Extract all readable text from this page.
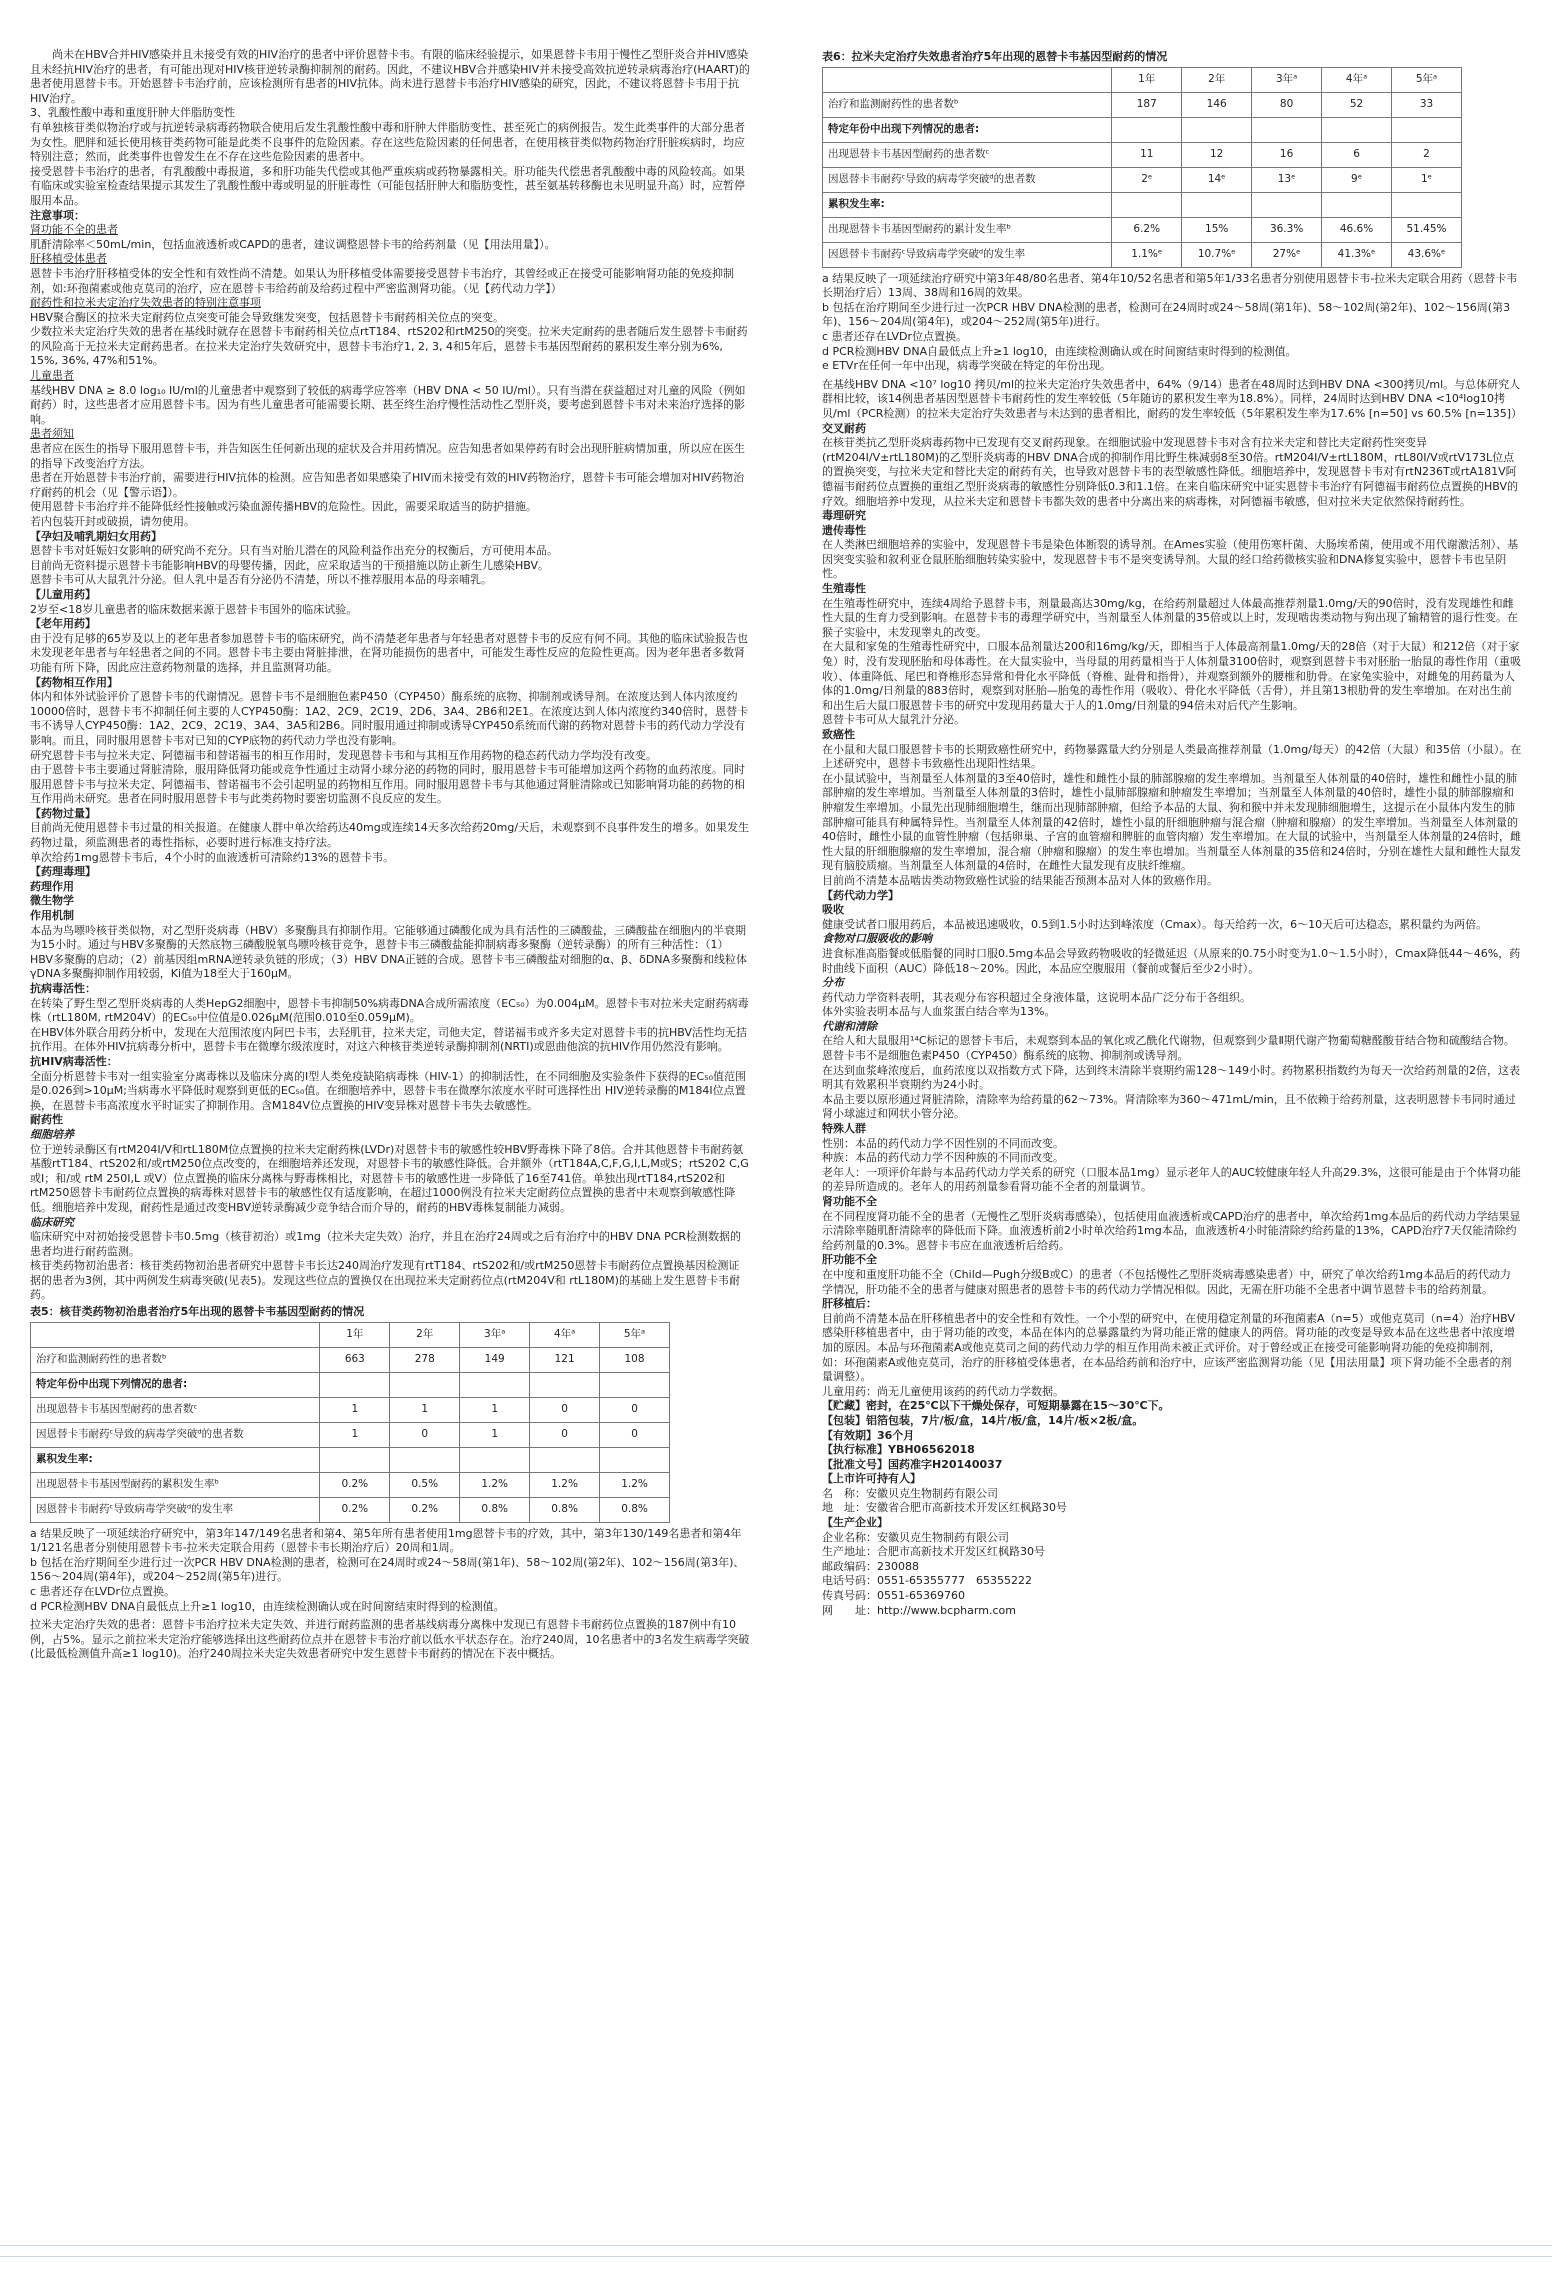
　　尚未在HBV合并HIV感染并且未接受有效的HIV治疗的患者中评价恩替卡韦。有限的临床经验提示，如果恩替卡韦用于慢性乙型肝炎合并HIV感染且未经抗HIV治疗的患者，有可能出现对HIV核苷逆转录酶抑制剂的耐药。因此，不建议HBV合并感染HIV并未接受高效抗逆转录病毒治疗(HAART)的患者使用恩替卡韦。开始恩替卡韦治疗前，应该检测所有患者的HIV抗体。尚未进行恩替卡韦治疗HIV感染的研究，因此，不建议将恩替卡韦用于抗HIV治疗。

3、乳酸性酸中毒和重度肝肿大伴脂肪变性

有单独核苷类似物治疗或与抗逆转录病毒药物联合使用后发生乳酸性酸中毒和肝肿大伴脂肪变性、甚至死亡的病例报告。发生此类事件的大部分患者为女性。肥胖和延长使用核苷类药物可能是此类不良事件的危险因素。存在这些危险因素的任何患者，在使用核苷类似物药物治疗肝脏疾病时，均应特别注意；然而，此类事件也曾发生在不存在这些危险因素的患者中。

接受恩替卡韦治疗的患者，有乳酸酸中毒报道，多和肝功能失代偿或其他严重疾病或药物暴露相关。肝功能失代偿患者乳酸酸中毒的风险较高。如果有临床或实验室检查结果提示其发生了乳酸性酸中毒或明显的肝脏毒性（可能包括肝肿大和脂肪变性，甚至氨基转移酶也未见明显升高）时，应暂停服用本品。

注意事项：

肾功能不全的患者

肌酐清除率＜50mL/min，包括血液透析或CAPD的患者，建议调整恩替卡韦的给药剂量（见【用法用量】）。

肝移植受体患者

恩替卡韦治疗肝移植受体的安全性和有效性尚不清楚。如果认为肝移植受体需要接受恩替卡韦治疗，其曾经或正在接受可能影响肾功能的免疫抑制剂，如:环孢菌素或他克莫司的治疗，应在恩替卡韦给药前及给药过程中严密监测肾功能。（见【药代动力学】）

耐药性和拉米夫定治疗失效患者的特别注意事项

HBV聚合酶区的拉米夫定耐药位点突变可能会导致继发突变，包括恩替卡韦耐药相关位点的突变。

少数拉米夫定治疗失效的患者在基线时就存在恩替卡韦耐药相关位点rtT184、rtS202和rtM250的突变。拉米夫定耐药的患者随后发生恩替卡韦耐药的风险高于无拉米夫定耐药患者。在拉米夫定治疗失效研究中，恩替卡韦治疗1, 2, 3, 4和5年后，恩替卡韦基因型耐药的累积发生率分别为6%, 15%, 36%, 47%和51%。

儿童患者

基线HBV DNA ≥ 8.0 log₁₀ IU/ml的儿童患者中观察到了较低的病毒学应答率（HBV DNA < 50 IU/ml）。只有当潜在获益超过对儿童的风险（例如耐药）时，这些患者才应用恩替卡韦。因为有些儿童患者可能需要长期、甚至终生治疗慢性活动性乙型肝炎，要考虑到恩替卡韦对未来治疗选择的影响。

患者须知

患者应在医生的指导下服用恩替卡韦，并告知医生任何新出现的症状及合并用药情况。应告知患者如果停药有时会出现肝脏病情加重，所以应在医生的指导下改变治疗方法。

患者在开始恩替卡韦治疗前，需要进行HIV抗体的检测。应告知患者如果感染了HIV而未接受有效的HIV药物治疗，恩替卡韦可能会增加对HIV药物治疗耐药的机会（见【警示语】）。

使用恩替卡韦治疗并不能降低经性接触或污染血源传播HBV的危险性。因此，需要采取适当的防护措施。

若内包装开封或破损，请勿使用。

【孕妇及哺乳期妇女用药】

恩替卡韦对妊娠妇女影响的研究尚不充分。只有当对胎儿潜在的风险利益作出充分的权衡后，方可使用本品。

目前尚无资料提示恩替卡韦能影响HBV的母婴传播，因此，应采取适当的干预措施以防止新生儿感染HBV。

恩替卡韦可从大鼠乳汁分泌。但人乳中是否有分泌仍不清楚，所以不推荐服用本品的母亲哺乳。

【儿童用药】

2岁至<18岁儿童患者的临床数据来源于恩替卡韦国外的临床试验。

【老年用药】

由于没有足够的65岁及以上的老年患者参加恩替卡韦的临床研究，尚不清楚老年患者与年轻患者对恩替卡韦的反应有何不同。其他的临床试验报告也未发现老年患者与年轻患者之间的不同。恩替卡韦主要由肾脏排泄，在肾功能损伤的患者中，可能发生毒性反应的危险性更高。因为老年患者多数肾功能有所下降，因此应注意药物剂量的选择，并且监测肾功能。

【药物相互作用】

体内和体外试验评价了恩替卡韦的代谢情况。恩替卡韦不是细胞色素P450（CYP450）酶系统的底物、抑制剂或诱导剂。在浓度达到人体内浓度约10000倍时，恩替卡韦不抑制任何主要的人CYP450酶：1A2、2C9、2C19、2D6、3A4、2B6和2E1。在浓度达到人体内浓度约340倍时，恩替卡韦不诱导人CYP450酶：1A2、2C9、2C19、3A4、3A5和2B6。同时服用通过抑制或诱导CYP450系统而代谢的药物对恩替卡韦的药代动力学没有影响。而且，同时服用恩替卡韦对已知的CYP底物的药代动力学也没有影响。

研究恩替卡韦与拉米夫定、阿德福韦和替诺福韦的相互作用时，发现恩替卡韦和与其相互作用药物的稳态药代动力学均没有改变。

由于恩替卡韦主要通过肾脏清除，服用降低肾功能或竞争性通过主动肾小球分泌的药物的同时，服用恩替卡韦可能增加这两个药物的血药浓度。同时服用恩替卡韦与拉米夫定、阿德福韦、替诺福韦不会引起明显的药物相互作用。同时服用恩替卡韦与其他通过肾脏清除或已知影响肾功能的药物的相互作用尚未研究。患者在同时服用恩替卡韦与此类药物时要密切监测不良反应的发生。

【药物过量】

目前尚无使用恩替卡韦过量的相关报道。在健康人群中单次给药达40mg或连续14天多次给药20mg/天后，未观察到不良事件发生的增多。如果发生药物过量，须监测患者的毒性指标，必要时进行标准支持疗法。

单次给药1mg恩替卡韦后，4个小时的血液透析可清除约13%的恩替卡韦。

【药理毒理】

药理作用

微生物学

作用机制

本品为鸟嘌呤核苷类似物，对乙型肝炎病毒（HBV）多聚酶具有抑制作用。它能够通过磷酸化成为具有活性的三磷酸盐，三磷酸盐在细胞内的半衰期为15小时。通过与HBV多聚酶的天然底物三磷酸脱氧鸟嘌呤核苷竞争，恩替卡韦三磷酸盐能抑制病毒多聚酶（逆转录酶）的所有三种活性：（1）HBV多聚酶的启动；（2）前基因组mRNA逆转录负链的形成；（3）HBV DNA正链的合成。恩替卡韦三磷酸盐对细胞的α、β、δDNA多聚酶和线粒体γDNA多聚酶抑制作用较弱，Ki值为18至大于160μM。

抗病毒活性：

在转染了野生型乙型肝炎病毒的人类HepG2细胞中，恩替卡韦抑制50%病毒DNA合成所需浓度（EC₅₀）为0.004μM。恩替卡韦对拉米夫定耐药病毒株（rtL180M, rtM204V）的EC₅₀中位值是0.026μM(范围0.010至0.059μM)。

在HBV体外联合用药分析中，发现在大范围浓度内阿巴卡韦，去羟肌苷，拉米夫定，司他夫定，替诺福韦或齐多夫定对恩替卡韦的抗HBV活性均无拮抗作用。在体外HIV抗病毒分析中，恩替卡韦在微摩尔级浓度时，对这六种核苷类逆转录酶抑制剂(NRTI)或恩曲他滨的抗HIV作用仍然没有影响。

抗HIV病毒活性：

全面分析恩替卡韦对一组实验室分离毒株以及临床分离的I型人类免疫缺陷病毒株（HIV-1）的抑制活性，在不同细胞及实验条件下获得的EC₅₀值范围是0.026到>10μM;当病毒水平降低时观察到更低的EC₅₀值。在细胞培养中，恩替卡韦在微摩尔浓度水平时可选择性出 HIV逆转录酶的M184I位点置换，在恩替卡韦高浓度水平时证实了抑制作用。含M184V位点置换的HIV变异株对恩替卡韦失去敏感性。

耐药性

细胞培养

位于逆转录酶区有rtM204I/V和rtL180M位点置换的拉米夫定耐药株(LVDr)对恩替卡韦的敏感性较HBV野毒株下降了8倍。合并其他恩替卡韦耐药氨基酸rtT184、rtS202和/或rtM250位点改变的，在细胞培养还发现，对恩替卡韦的敏感性降低。合并额外（rtT184A,C,F,G,I,L,M或S；rtS202 C,G或I；和/或 rtM 250I,L 或V）位点置换的临床分离株与野毒株相比，对恩替卡韦的敏感性进一步降低了16至741倍。单独出现rtT184,rtS202和rtM250恩替卡韦耐药位点置换的病毒株对恩替卡韦的敏感性仅有适度影响，在超过1000例没有拉米夫定耐药位点置换的患者中未观察到敏感性降低。细胞培养中发现，耐药性是通过改变HBV逆转录酶减少竞争结合而介导的，耐药的HBV毒株复制能力减弱。

临床研究

临床研究中对初始接受恩替卡韦0.5mg（核苷初治）或1mg（拉米夫定失效）治疗，并且在治疗24周或之后有治疗中的HBV DNA PCR检测数据的患者均进行耐药监测。

核苷类药物初治患者：核苷类药物初治患者研究中恩替卡韦长达240周治疗发现有rtT184、rtS202和/或rtM250恩替卡韦耐药位点置换基因检测证据的患者为3例，其中两例发生病毒突破(见表5)。发现这些位点的置换仅在出现拉米夫定耐药位点(rtM204V和 rtL180M)的基础上发生恩替卡韦耐药。

表5：核苷类药物初治患者治疗5年出现的恩替卡韦基因型耐药的情况
	1年	2年	3年ᵃ	4年ᵃ	5年ᵃ
治疗和监测耐药性的患者数ᵇ	663	278	149	121	108
特定年份中出现下列情况的患者:					
出现恩替卡韦基因型耐药的患者数ᶜ	1	1	1	0	0
因恩替卡韦耐药ᶜ导致的病毒学突破ᵈ的患者数	1	0	1	0	0
累积发生率:					
出现恩替卡韦基因型耐药的累积发生率ᵇ	0.2%	0.5%	1.2%	1.2%	1.2%
因恩替卡韦耐药ᶜ导致病毒学突破ᵈ的发生率	0.2%	0.2%	0.8%	0.8%	0.8%

a 结果反映了一项延续治疗研究中，第3年147/149名患者和第4、第5年所有患者使用1mg恩替卡韦的疗效，其中，第3年130/149名患者和第4年1/121名患者分别使用恩替卡韦-拉米夫定联合用药（恩替卡韦长期治疗后）20周和1周。

b 包括在治疗期间至少进行过一次PCR HBV DNA检测的患者，检测可在24周时或24～58周(第1年)、58～102周(第2年)、102～156周(第3年)、156～204周(第4年)，或204～252周(第5年)进行。

c 患者还存在LVDr位点置换。

d PCR检测HBV DNA自最低点上升≥1 log10，由连续检测确认或在时间窗结束时得到的检测值。

拉米夫定治疗失效的患者：恩替卡韦治疗拉米夫定失效、并进行耐药监测的患者基线病毒分离株中发现已有恩替卡韦耐药位点置换的187例中有10例，占5%。显示之前拉米夫定治疗能够选择出这些耐药位点并在恩替卡韦治疗前以低水平状态存在。治疗240周，10名患者中的3名发生病毒学突破(比最低检测值升高≥1 log10)。治疗240周拉米夫定失效患者研究中发生恩替卡韦耐药的情况在下表中概括。

表6：拉米夫定治疗失效患者治疗5年出现的恩替卡韦基因型耐药的情况
	1年	2年	3年ᵃ	4年ᵃ	5年ᵃ
治疗和监测耐药性的患者数ᵇ	187	146	80	52	33
特定年份中出现下列情况的患者:					
出现恩替卡韦基因型耐药的患者数ᶜ	11	12	16	6	2
因恩替卡韦耐药ᶜ导致的病毒学突破ᵈ的患者数	2ᵉ	14ᵉ	13ᵉ	9ᵉ	1ᵉ
累积发生率:					
出现恩替卡韦基因型耐药的累计发生率ᵇ	6.2%	15%	36.3%	46.6%	51.45%
因恩替卡韦耐药ᶜ导致病毒学突破ᵈ的发生率	1.1%ᵉ	10.7%ᵉ	27%ᵉ	41.3%ᵉ	43.6%ᵉ

a 结果反映了一项延续治疗研究中第3年48/80名患者、第4年10/52名患者和第5年1/33名患者分别使用恩替卡韦-拉米夫定联合用药（恩替卡韦长期治疗后）13周、38周和16周的效果。

b 包括在治疗期间至少进行过一次PCR HBV DNA检测的患者，检测可在24周时或24～58周(第1年)、58～102周(第2年)、102～156周(第3年)、156～204周(第4年)，或204～252周(第5年)进行。

c 患者还存在LVDr位点置换。

d PCR检测HBV DNA自最低点上升≥1 log10，由连续检测确认或在时间窗结束时得到的检测值。

e ETVr在任何一年中出现，病毒学突破在特定的年份出现。

在基线HBV DNA <10⁷ log10 拷贝/ml的拉米夫定治疗失效患者中，64%（9/14）患者在48周时达到HBV DNA <300拷贝/ml。与总体研究人群相比较，该14例患者基因型恩替卡韦耐药性的发生率较低（5年随访的累积发生率为18.8%）。同样，24周时达到HBV DNA <10⁴log10拷贝/ml（PCR检测）的拉米夫定治疗失效患者与未达到的患者相比，耐药的发生率较低（5年累积发生率为17.6% [n=50] vs 60.5% [n=135]）

交叉耐药

在核苷类抗乙型肝炎病毒药物中已发现有交叉耐药现象。在细胞试验中发现恩替卡韦对含有拉米夫定和替比夫定耐药性突变异(rtM204I/V±rtL180M)的乙型肝炎病毒的HBV DNA合成的抑制作用比野生株减弱8至30倍。rtM204I/V±rtL180M、rtL80I/V或rtV173L位点的置换突变，与拉米夫定和替比夫定的耐药有关，也导致对恩替卡韦的表型敏感性降低。细胞培养中，发现恩替卡韦对有rtN236T或rtA181V阿德福韦耐药位点置换的重组乙型肝炎病毒的敏感性分别降低0.3和1.1倍。在来自临床研究中证实恩替卡韦治疗有阿德福韦耐药位点置换的HBV的疗效。细胞培养中发现，从拉米夫定和恩替卡韦都失效的患者中分离出来的病毒株，对阿德福韦敏感，但对拉米夫定依然保持耐药性。

毒理研究

遗传毒性

在人类淋巴细胞培养的实验中，发现恩替卡韦是染色体断裂的诱导剂。在Ames实验（使用伤寒杆菌、大肠埃希菌，使用或不用代谢激活剂）、基因突变实验和叙利亚仓鼠胚胎细胞转染实验中，发现恩替卡韦不是突变诱导剂。大鼠的经口给药微核实验和DNA修复实验中，恩替卡韦也呈阴性。

生殖毒性

在生殖毒性研究中，连续4周给予恩替卡韦，剂量最高达30mg/kg，在给药剂量超过人体最高推荐剂量1.0mg/天的90倍时，没有发现雄性和雌性大鼠的生育力受到影响。在恩替卡韦的毒理学研究中，当剂量至人体剂量的35倍或以上时，发现啮齿类动物与狗出现了输精管的退行性变。在猴子实验中，未发现睾丸的改变。

在大鼠和家兔的生殖毒性研究中，口服本品剂量达200和16mg/kg/天，即相当于人体最高剂量1.0mg/天的28倍（对于大鼠）和212倍（对于家兔）时，没有发现胚胎和母体毒性。在大鼠实验中，当母鼠的用药量相当于人体剂量3100倍时，观察到恩替卡韦对胚胎一胎鼠的毒性作用（重吸收）、体重降低、尾巴和脊椎形态异常和骨化水平降低（脊椎、趾骨和指骨），并观察到额外的腰椎和肋骨。在家兔实验中，对雌兔的用药量为人体的1.0mg/日剂量的883倍时，观察到对胚胎—胎兔的毒性作用（吸收）、骨化水平降低（舌骨），并且第13根肋骨的发生率增加。在对出生前和出生后大鼠口服恩替卡韦的研究中发现用药量大于人的1.0mg/日剂量的94倍未对后代产生影响。

恩替卡韦可从大鼠乳汁分泌。

致癌性

在小鼠和大鼠口服恩替卡韦的长期致癌性研究中，药物暴露量大约分别是人类最高推荐剂量（1.0mg/每天）的42倍（大鼠）和35倍（小鼠）。在上述研究中，恩替卡韦致癌性出现阳性结果。

在小鼠试验中，当剂量至人体剂量的3至40倍时，雄性和雌性小鼠的肺部腺瘤的发生率增加。当剂量至人体剂量的40倍时，雄性和雌性小鼠的肺部肿瘤的发生率增加。当剂量至人体剂量的3倍时，雄性小鼠肺部腺瘤和肿瘤发生率增加；当剂量至人体剂量的40倍时，雄性小鼠的肺部腺瘤和肿瘤发生率增加。小鼠先出现肺细胞增生，继而出现肺部肿瘤，但给予本品的大鼠、狗和猴中并未发现肺细胞增生，这提示在小鼠体内发生的肺部肿瘤可能具有种属特异性。当剂量至人体剂量的42倍时，雄性小鼠的肝细胞肿瘤与混合瘤（肿瘤和腺瘤）的发生率增加。当剂量至人体剂量的40倍时，雌性小鼠的血管性肿瘤（包括卵巢、子宫的血管瘤和脾脏的血管肉瘤）发生率增加。在大鼠的试验中，当剂量至人体剂量的24倍时，雌性大鼠的肝细胞腺瘤的发生率增加，混合瘤（肿瘤和腺瘤）的发生率也增加。当剂量至人体剂量的35倍和24倍时，分别在雄性大鼠和雌性大鼠发现有脑胶质瘤。当剂量至人体剂量的4倍时，在雌性大鼠发现有皮肤纤维瘤。

目前尚不清楚本品啮齿类动物致癌性试验的结果能否预测本品对人体的致癌作用。

【药代动力学】

吸收

健康受试者口服用药后，本品被迅速吸收，0.5到1.5小时达到峰浓度（Cmax）。每天给药一次，6～10天后可达稳态，累积量约为两倍。

食物对口服吸收的影响

进食标准高脂餐或低脂餐的同时口服0.5mg本品会导致药物吸收的轻微延迟（从原来的0.75小时变为1.0～1.5小时），Cmax降低44～46%，药时曲线下面积（AUC）降低18～20%。因此，本品应空腹服用（餐前或餐后至少2小时）。

分布

药代动力学资料表明，其表观分布容积超过全身液体量，这说明本品广泛分布于各组织。

体外实验表明本品与人血浆蛋白结合率为13%。

代谢和清除

在给人和大鼠服用¹⁴C标记的恩替卡韦后，未观察到本品的氧化或乙酰化代谢物，但观察到少量Ⅱ期代谢产物葡萄糖醛酸苷结合物和硫酸结合物。恩替卡韦不是细胞色素P450（CYP450）酶系统的底物、抑制剂或诱导剂。

在达到血浆峰浓度后，血药浓度以双指数方式下降，达到终末清除半衰期约需128～149小时。药物累积指数约为每天一次给药剂量的2倍，这表明其有效累积半衰期约为24小时。

本品主要以原形通过肾脏清除，清除率为给药量的62～73%。肾清除率为360～471mL/min，且不依赖于给药剂量，这表明恩替卡韦同时通过肾小球滤过和网状小管分泌。

特殊人群

性别：本品的药代动力学不因性别的不同而改变。

种族：本品的药代动力学不因种族的不同而改变。

老年人：一项评价年龄与本品药代动力学关系的研究（口服本品1mg）显示老年人的AUC较健康年轻人升高29.3%，这很可能是由于个体肾功能的差异所造成的。老年人的用药剂量参看肾功能不全者的剂量调节。

肾功能不全

在不同程度肾功能不全的患者（无慢性乙型肝炎病毒感染），包括使用血液透析或CAPD治疗的患者中，单次给药1mg本品后的药代动力学结果显示清除率随肌酐清除率的降低而下降。血液透析前2小时单次给药1mg本品，血液透析4小时能清除约给药量的13%，CAPD治疗7天仅能清除约给药剂量的0.3%。恩替卡韦应在血液透析后给药。

肝功能不全

在中度和重度肝功能不全（Child—Pugh分级B或C）的患者（不包括慢性乙型肝炎病毒感染患者）中，研究了单次给药1mg本品后的药代动力学情况，肝功能不全的患者与健康对照患者的恩替卡韦的药代动力学情况相似。因此，无需在肝功能不全患者中调节恩替卡韦的给药剂量。

肝移植后：

目前尚不清楚本品在肝移植患者中的安全性和有效性。一个小型的研究中，在使用稳定剂量的环孢菌素A（n=5）或他克莫司（n=4）治疗HBV感染肝移植患者中，由于肾功能的改变，本品在体内的总暴露量约为肾功能正常的健康人的两倍。肾功能的改变是导致本品在这些患者中浓度增加的原因。本品与环孢菌素A或他克莫司之间的药代动力学的相互作用尚未被正式评价。对于曾经或正在接受可能影响肾功能的免疫抑制剂，如：环孢菌素A或他克莫司，治疗的肝移植受体患者，在本品给药前和治疗中，应该严密监测肾功能（见【用法用量】项下肾功能不全患者的剂量调整）。

儿童用药：尚无儿童使用该药的药代动力学数据。

【贮藏】密封，在25℃以下干燥处保存，可短期暴露在15～30℃下。

【包装】铝箔包装，7片/板/盒，14片/板/盒，14片/板×2板/盒。

【有效期】36个月

【执行标准】YBH06562018

【批准文号】国药准字H20140037

【上市许可持有人】

名　称：安徽贝克生物制药有限公司

地　址：安徽省合肥市高新技术开发区红枫路30号

【生产企业】

企业名称：安徽贝克生物制药有限公司

生产地址：合肥市高新技术开发区红枫路30号

邮政编码：230088

电话号码：0551-65355777　65355222

传真号码：0551-65369760

网　　址：http://www.bcpharm.com
